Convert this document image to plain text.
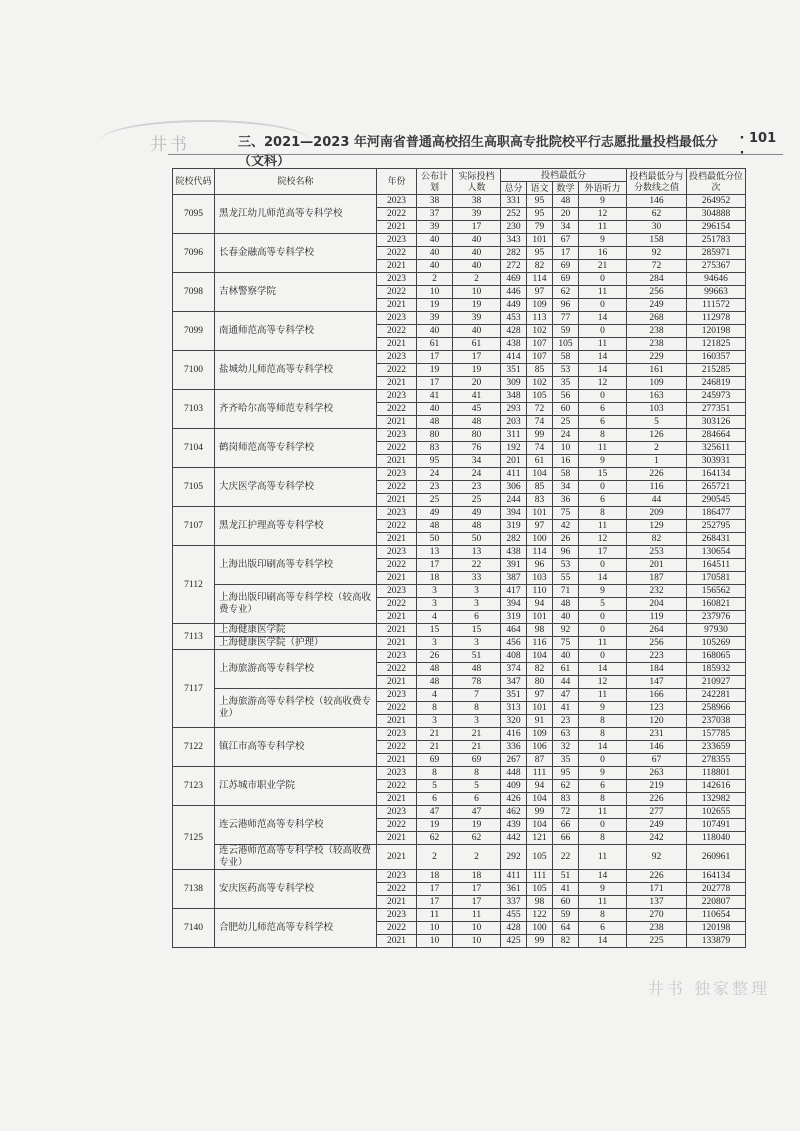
井书	三、2021—2023 年河南省普通高校招生高职高专批院校平行志愿批量投档最低分（文科）
· 101 ·
院校代码	院校名称	年份	公布计划	实际投档人数	投档最低分				投档最低分与分数线之值	投档最低分位次
					总分	语文	数学	外语听力		
7095	黑龙江幼儿师范高等专科学校	2023	38	38	331	95	48	9	146	264952
		2022	37	39	252	95	20	12	62	304888
		2021	39	17	230	79	34	11	30	296154
7096	长春金融高等专科学校	2023	40	40	343	101	67	9	158	251783
		2022	40	40	282	95	17	16	92	285971
		2021	40	40	272	82	69	21	72	275367
7098	吉林警察学院	2023	2	2	469	114	69	0	284	94646
		2022	10	10	446	97	62	11	256	99663
		2021	19	19	449	109	96	0	249	111572
7099	南通师范高等专科学校	2023	39	39	453	113	77	14	268	112978
		2022	40	40	428	102	59	0	238	120198
		2021	61	61	438	107	105	11	238	121825
7100	盐城幼儿师范高等专科学校	2023	17	17	414	107	58	14	229	160357
		2022	19	19	351	85	53	14	161	215285
		2021	17	20	309	102	35	12	109	246819
7103	齐齐哈尔高等师范专科学校	2023	41	41	348	105	56	0	163	245973
		2022	40	45	293	72	60	6	103	277351
		2021	48	48	203	74	25	6	5	303126
7104	鹤岗师范高等专科学校	2023	80	80	311	99	24	8	126	284664
		2022	83	76	192	74	10	11	2	325611
		2021	95	34	201	61	16	9	1	303931
7105	大庆医学高等专科学校	2023	24	24	411	104	58	15	226	164134
		2022	23	23	306	85	34	0	116	265721
		2021	25	25	244	83	36	6	44	290545
7107	黑龙江护理高等专科学校	2023	49	49	394	101	75	8	209	186477
		2022	48	48	319	97	42	11	129	252795
		2021	50	50	282	100	26	12	82	268431
7112	上海出版印刷高等专科学校	2023	13	13	438	114	96	17	253	130654
		2022	17	22	391	96	53	0	201	164511
		2021	18	33	387	103	55	14	187	170581
	上海出版印刷高等专科学校（较高收费专业）	2023	3	3	417	110	71	9	232	156562
		2022	3	3	394	94	48	5	204	160821
		2021	4	6	319	101	40	0	119	237976
7113	上海健康医学院	2021	15	15	464	98	92	0	264	97930
	上海健康医学院（护理）	2021	3	3	456	116	75	11	256	105269
7117	上海旅游高等专科学校	2023	26	51	408	104	40	0	223	168065
		2022	48	48	374	82	61	14	184	185932
		2021	48	78	347	80	44	12	147	210927
	上海旅游高等专科学校（较高收费专业）	2023	4	7	351	97	47	11	166	242281
		2022	8	8	313	101	41	9	123	258966
		2021	3	3	320	91	23	8	120	237038
7122	镇江市高等专科学校	2023	21	21	416	109	63	8	231	157785
		2022	21	21	336	106	32	14	146	233659
		2021	69	69	267	87	35	0	67	278355
7123	江苏城市职业学院	2023	8	8	448	111	95	9	263	118801
		2022	5	5	409	94	62	6	219	142616
		2021	6	6	426	104	83	8	226	132982
7125	连云港师范高等专科学校	2023	47	47	462	99	72	11	277	102655
		2022	19	19	439	104	66	0	249	107491
		2021	62	62	442	121	66	8	242	118040
	连云港师范高等专科学校（较高收费专业）	2021	2	2	292	105	22	11	92	260961
7138	安庆医药高等专科学校	2023	18	18	411	111	51	14	226	164134
		2022	17	17	361	105	41	9	171	202778
		2021	17	17	337	98	60	11	137	220807
7140	合肥幼儿师范高等专科学校	2023	11	11	455	122	59	8	270	110654
		2022	10	10	428	100	64	6	238	120198
		2021	10	10	425	99	82	14	225	133879
井书 独家整理
